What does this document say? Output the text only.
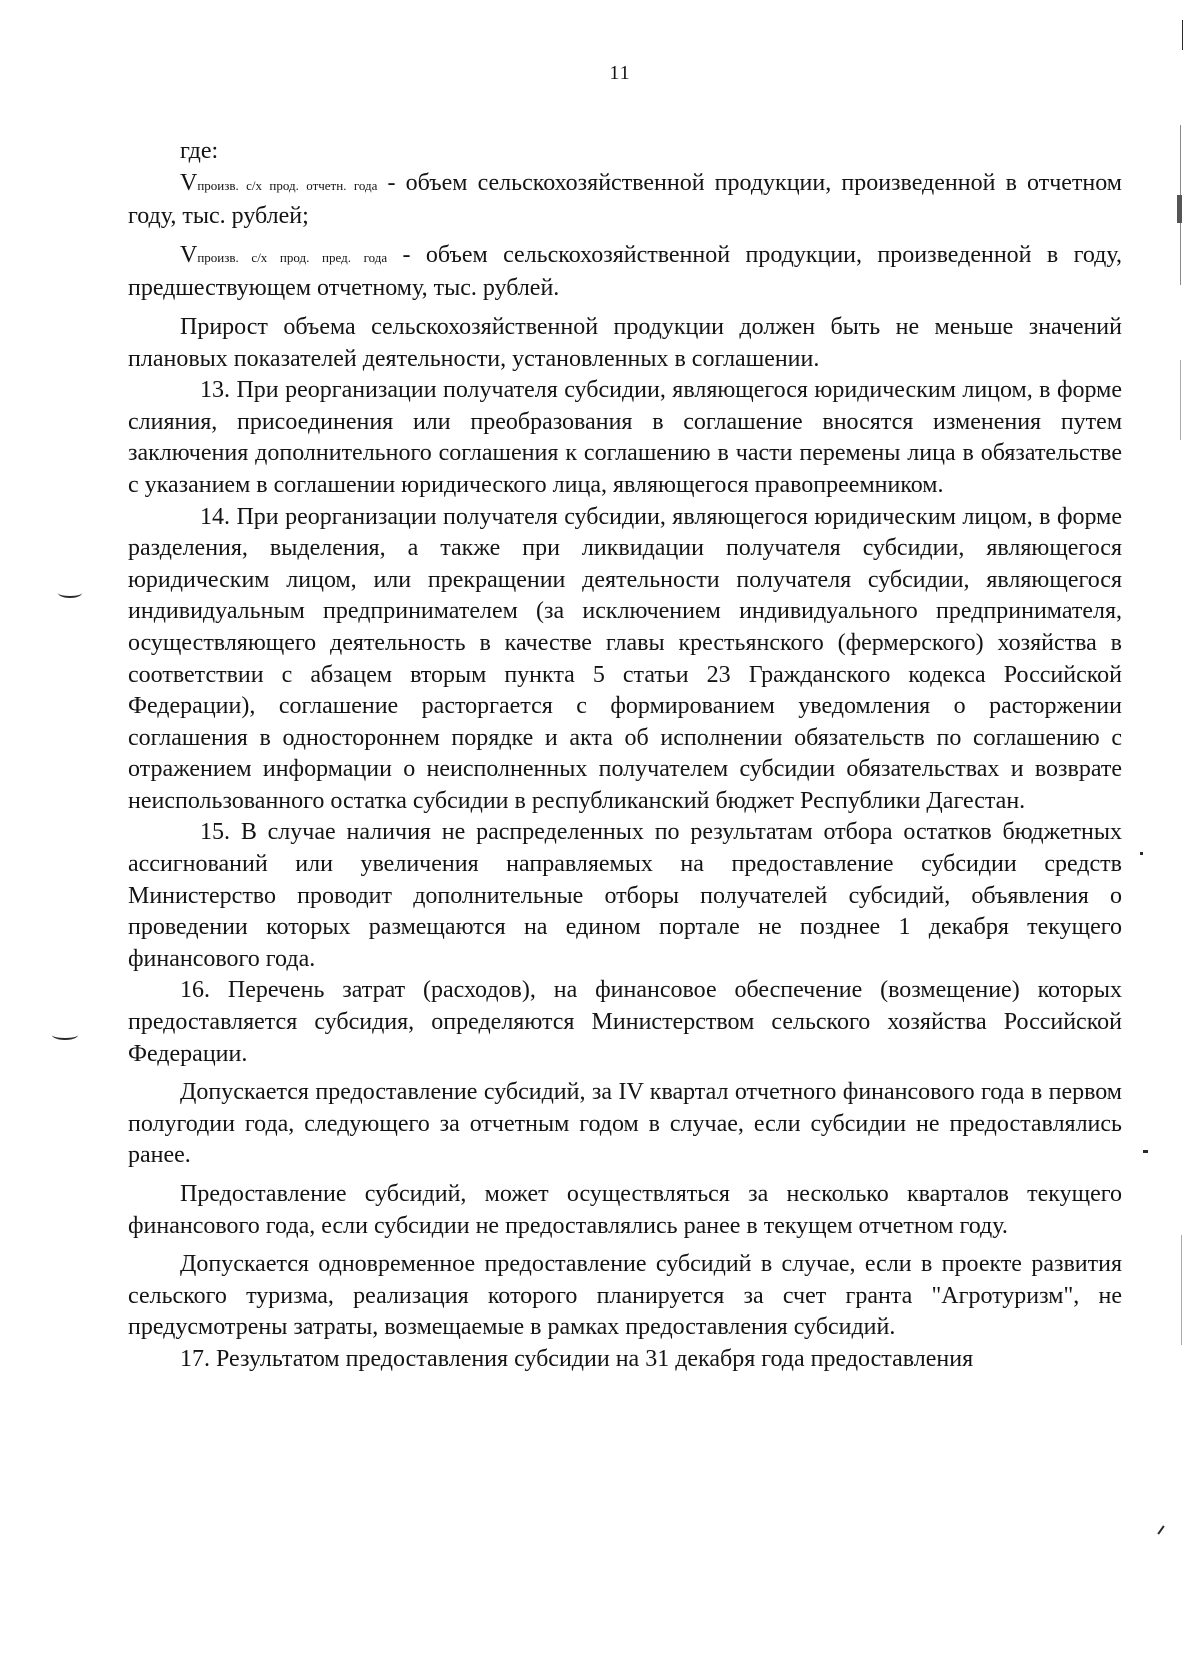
11

где:

Vпроизв. с/х прод. отчетн. года - объем сельскохозяйственной продукции, произведенной в отчетном году, тыс. рублей;

Vпроизв. с/х прод. пред. года - объем сельскохозяйственной продукции, произведенной в году, предшествующем отчетному, тыс. рублей.

Прирост объема сельскохозяйственной продукции должен быть не меньше значений плановых показателей деятельности, установленных в соглашении.

13. При реорганизации получателя субсидии, являющегося юридическим лицом, в форме слияния, присоединения или преобразования в соглашение вносятся изменения путем заключения дополнительного соглашения к соглашению в части перемены лица в обязательстве с указанием в соглашении юридического лица, являющегося правопреемником.

14. При реорганизации получателя субсидии, являющегося юридическим лицом, в форме разделения, выделения, а также при ликвидации получателя субсидии, являющегося юридическим лицом, или прекращении деятельности получателя субсидии, являющегося индивидуальным предпринимателем (за исключением индивидуального предпринимателя, осуществляющего деятельность в качестве главы крестьянского (фермерского) хозяйства в соответствии с абзацем вторым пункта 5 статьи 23 Гражданского кодекса Российской Федерации), соглашение расторгается с формированием уведомления о расторжении соглашения в одностороннем порядке и акта об исполнении обязательств по соглашению с отражением информации о неисполненных получателем субсидии обязательствах и возврате неиспользованного остатка субсидии в республиканский бюджет Республики Дагестан.

15. В случае наличия не распределенных по результатам отбора остатков бюджетных ассигнований или увеличения направляемых на предоставление субсидии средств Министерство проводит дополнительные отборы получателей субсидий, объявления о проведении которых размещаются на едином портале не позднее 1 декабря текущего финансового года.

16. Перечень затрат (расходов), на финансовое обеспечение (возмещение) которых предоставляется субсидия, определяются Министерством сельского хозяйства Российской Федерации.

Допускается предоставление субсидий, за IV квартал отчетного финансового года в первом полугодии года, следующего за отчетным годом в случае, если субсидии не предоставлялись ранее.

Предоставление субсидий, может осуществляться за несколько кварталов текущего финансового года, если субсидии не предоставлялись ранее в текущем отчетном году.

Допускается одновременное предоставление субсидий в случае, если в проекте развития сельского туризма, реализация которого планируется за счет гранта "Агротуризм", не предусмотрены затраты, возмещаемые в рамках предоставления субсидий.

17. Результатом предоставления субсидии на 31 декабря года предоставления
